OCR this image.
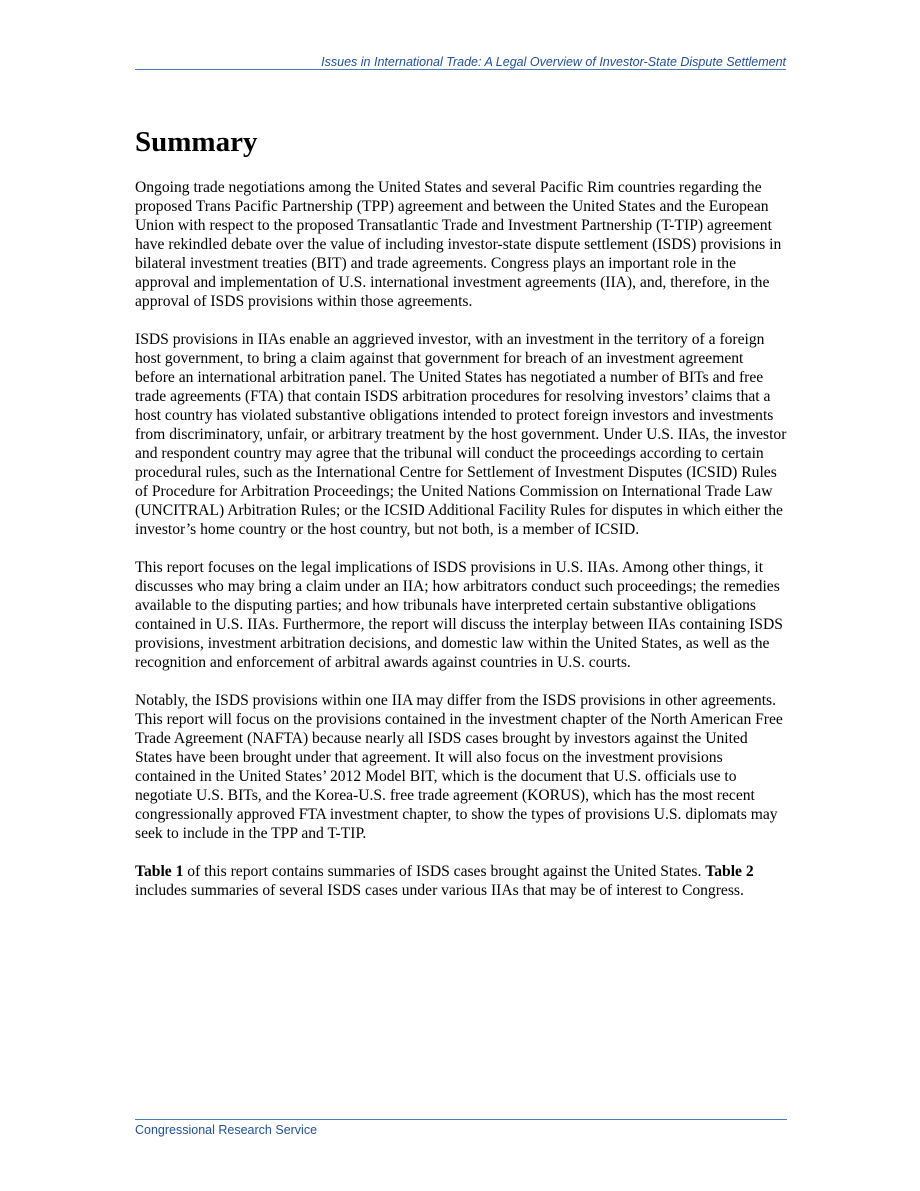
Issues in International Trade: A Legal Overview of Investor-State Dispute Settlement
Summary

Ongoing trade negotiations among the United States and several Pacific Rim countries regarding the proposed Trans Pacific Partnership (TPP) agreement and between the United States and the European Union with respect to the proposed Transatlantic Trade and Investment Partnership (T-TIP) agreement have rekindled debate over the value of including investor-state dispute settlement (ISDS) provisions in bilateral investment treaties (BIT) and trade agreements. Congress plays an important role in the approval and implementation of U.S. international investment agreements (IIA), and, therefore, in the approval of ISDS provisions within those agreements.

ISDS provisions in IIAs enable an aggrieved investor, with an investment in the territory of a foreign host government, to bring a claim against that government for breach of an investment agreement before an international arbitration panel. The United States has negotiated a number of BITs and free trade agreements (FTA) that contain ISDS arbitration procedures for resolving investors’ claims that a host country has violated substantive obligations intended to protect foreign investors and investments from discriminatory, unfair, or arbitrary treatment by the host government. Under U.S. IIAs, the investor and respondent country may agree that the tribunal will conduct the proceedings according to certain procedural rules, such as the International Centre for Settlement of Investment Disputes (ICSID) Rules of Procedure for Arbitration Proceedings; the United Nations Commission on International Trade Law (UNCITRAL) Arbitration Rules; or the ICSID Additional Facility Rules for disputes in which either the investor’s home country or the host country, but not both, is a member of ICSID.

This report focuses on the legal implications of ISDS provisions in U.S. IIAs. Among other things, it discusses who may bring a claim under an IIA; how arbitrators conduct such proceedings; the remedies available to the disputing parties; and how tribunals have interpreted certain substantive obligations contained in U.S. IIAs. Furthermore, the report will discuss the interplay between IIAs containing ISDS provisions, investment arbitration decisions, and domestic law within the United States, as well as the recognition and enforcement of arbitral awards against countries in U.S. courts.

Notably, the ISDS provisions within one IIA may differ from the ISDS provisions in other agreements. This report will focus on the provisions contained in the investment chapter of the North American Free Trade Agreement (NAFTA) because nearly all ISDS cases brought by investors against the United States have been brought under that agreement. It will also focus on the investment provisions contained in the United States’ 2012 Model BIT, which is the document that U.S. officials use to negotiate U.S. BITs, and the Korea-U.S. free trade agreement (KORUS), which has the most recent congressionally approved FTA investment chapter, to show the types of provisions U.S. diplomats may seek to include in the TPP and T-TIP.

Table 1 of this report contains summaries of ISDS cases brought against the United States. Table 2 includes summaries of several ISDS cases under various IIAs that may be of interest to Congress.

Congressional Research Service
